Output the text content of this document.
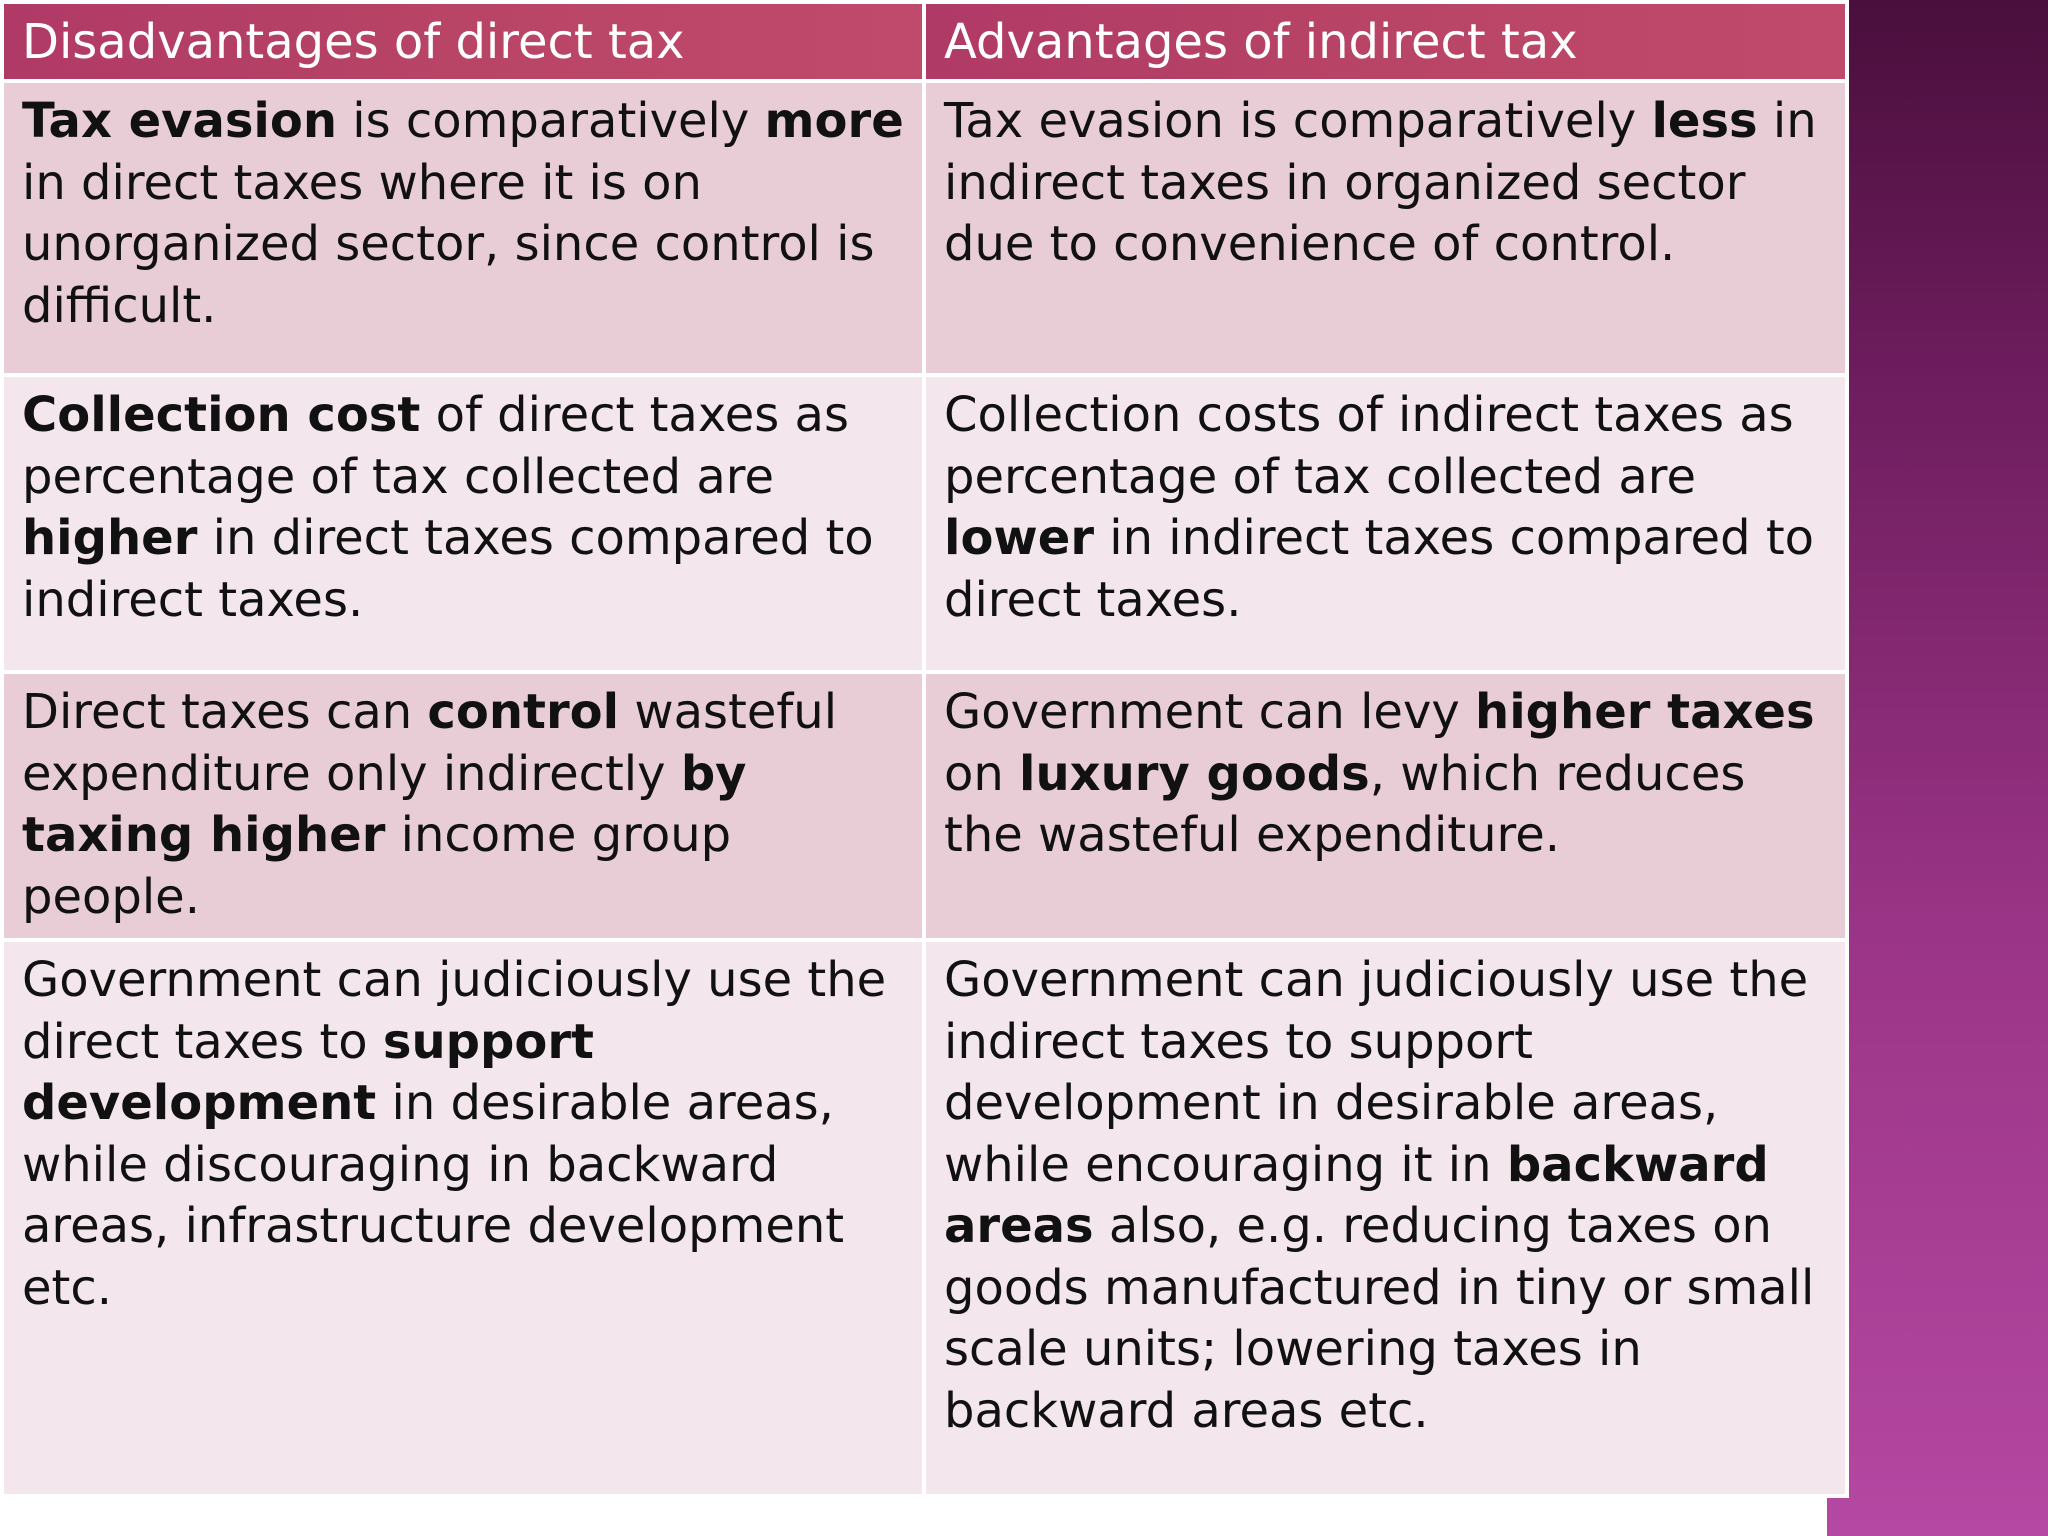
Disadvantages of direct tax	Advantages of indirect tax
Tax evasion is comparatively more in direct taxes where it is on unorganized sector, since control is difficult.	Tax evasion is comparatively less in indirect taxes in organized sector due to convenience of control.
Collection cost of direct taxes as percentage of tax collected are higher in direct taxes compared to indirect taxes.	Collection costs of indirect taxes as percentage of tax collected are lower in indirect taxes compared to direct taxes.
Direct taxes can control wasteful expenditure only indirectly by taxing higher income group people.	Government can levy higher taxes on luxury goods, which reduces the wasteful expenditure.
Government can judiciously use the direct taxes to support development in desirable areas, while discouraging in backward areas, infrastructure development etc.	Government can judiciously use the indirect taxes to support development in desirable areas, while encouraging it in backward areas also, e.g. reducing taxes on goods manufactured in tiny or small scale units; lowering taxes in backward areas etc.
